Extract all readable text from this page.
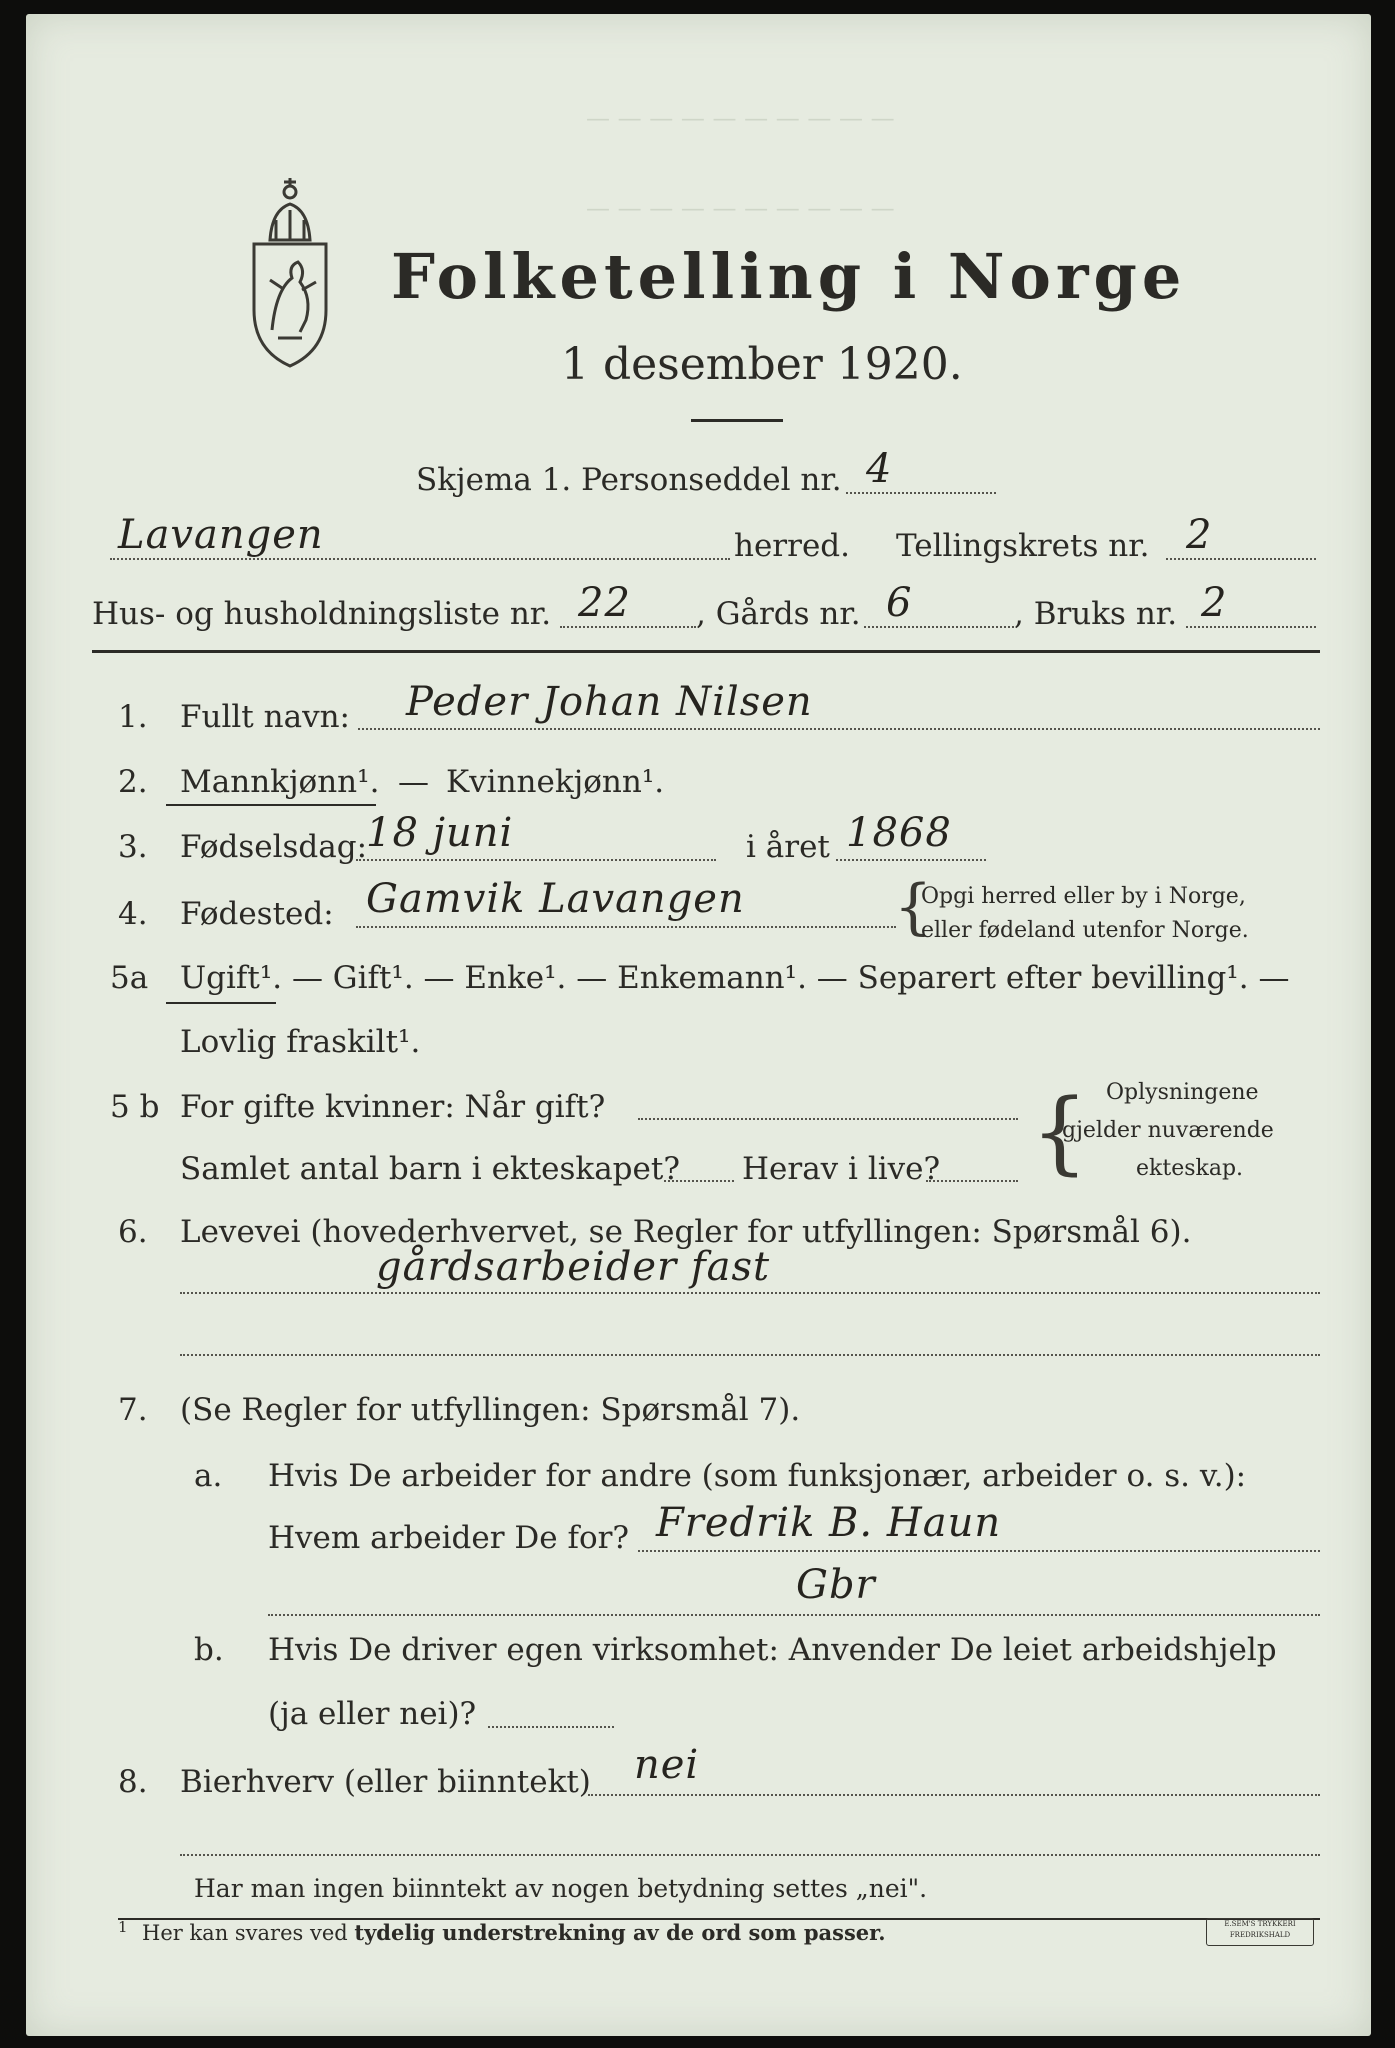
— — — — — — — — — —
— — — — — — — — — —
Folketelling i Norge
1 desember 1920.
Skjema 1. Personseddel nr. 4
Lavangen	herred. Tellingskrets nr. 2
Hus- og husholdningsliste nr. 22 , Gårds nr. 6	, Bruks nr. 2
1. Fullt navn: Peder Johan Nilsen
2. Mannkjønn¹. — Kvinnekjønn¹.
3. Fødselsdag:
18 juni	i året 1868
4. Fødested: Gamvik Lavangen {
Opgi herred eller by i Norge,
eller fødeland utenfor Norge.
5a Ugift¹. — Gift¹. — Enke¹. — Enkemann¹. — Separert efter bevilling¹. —
Lovlig fraskilt¹.
5 b For gifte kvinner: Når gift?
Samlet antal barn i ekteskapet? Herav i live? { Oplysningene
gjelder nuværende
ekteskap.
6. Levevei (hovederhvervet, se Regler for utfyllingen: Spørsmål 6).
gårdsarbeider fast
7. (Se Regler for utfyllingen: Spørsmål 7).
a. Hvis De arbeider for andre (som funksjonær, arbeider o. s. v.):
Hvem arbeider De for? Fredrik B. Haun
Gbr
b. Hvis De driver egen virksomhet: Anvender De leiet arbeidshjelp
(ja eller nei)?
8. Bierhverv (eller biinntekt) nei
Har man ingen biinntekt av nogen betydning settes „nei".
1 Her kan svares ved tydelig understrekning av de ord som passer.	E.SEM'S TRYKKERI
FREDRIKSHALD
